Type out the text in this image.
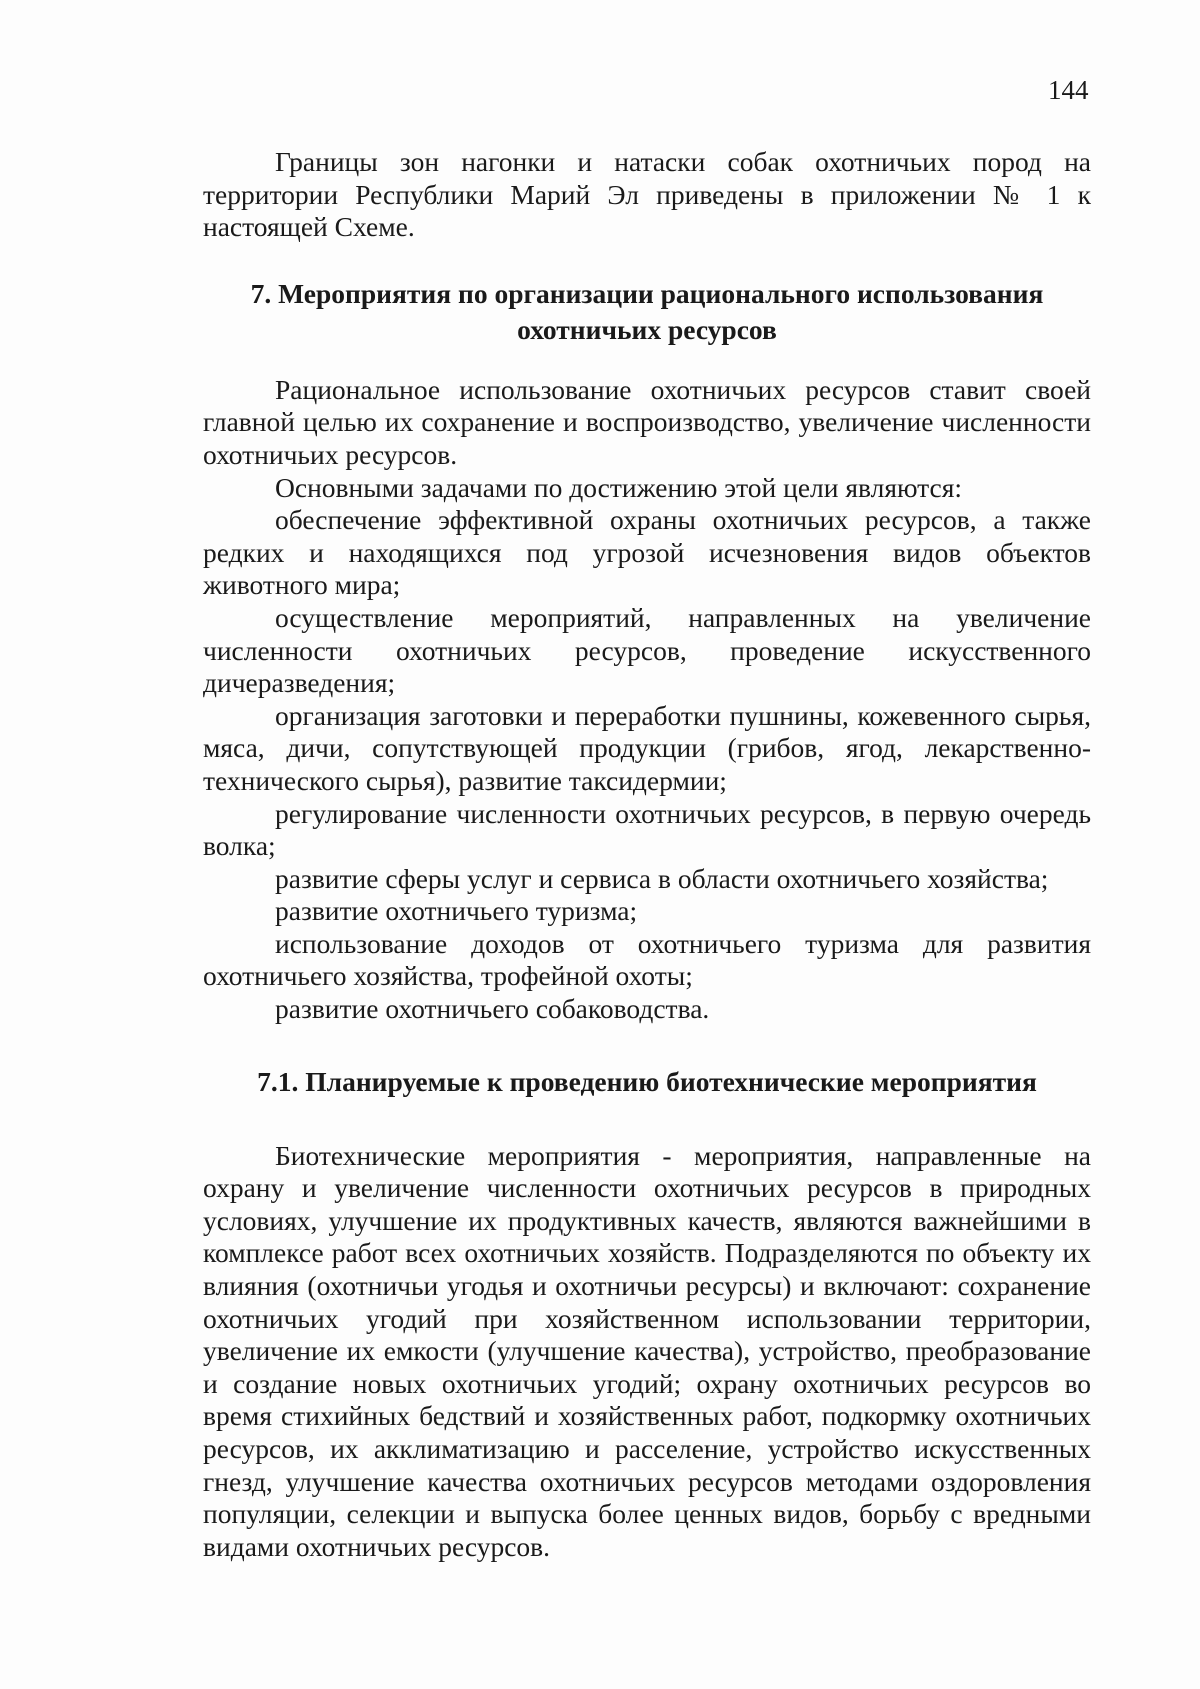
144

Границы зон нагонки и натаски собак охотничьих пород на территории Республики Марий Эл приведены в приложении № 1 к настоящей Схеме.

7. Мероприятия по организации рационального использования охотничьих ресурсов

Рациональное использование охотничьих ресурсов ставит своей главной целью их сохранение и воспроизводство, увеличение численности охотничьих ресурсов.

Основными задачами по достижению этой цели являются:

обеспечение эффективной охраны охотничьих ресурсов, а также редких и находящихся под угрозой исчезновения видов объектов животного мира;
осуществление мероприятий, направленных на увеличение численности охотничьих ресурсов, проведение искусственного дичеразведения;
организация заготовки и переработки пушнины, кожевенного сырья, мяса, дичи, сопутствующей продукции (грибов, ягод, лекарственно-технического сырья), развитие таксидермии;
регулирование численности охотничьих ресурсов, в первую очередь волка;
развитие сферы услуг и сервиса в области охотничьего хозяйства;
развитие охотничьего туризма;
использование доходов от охотничьего туризма для развития охотничьего хозяйства, трофейной охоты;
развитие охотничьего собаководства.
7.1. Планируемые к проведению биотехнические мероприятия

Биотехнические мероприятия - мероприятия, направленные на охрану и увеличение численности охотничьих ресурсов в природных условиях, улучшение их продуктивных качеств, являются важнейшими в комплексе работ всех охотничьих хозяйств. Подразделяются по объекту их влияния (охотничьи угодья и охотничьи ресурсы) и включают: сохранение охотничьих угодий при хозяйственном использовании территории, увеличение их емкости (улучшение качества), устройство, преобразование и создание новых охотничьих угодий; охрану охотничьих ресурсов во время стихийных бедствий и хозяйственных работ, подкормку охотничьих ресурсов, их акклиматизацию и расселение, устройство искусственных гнезд, улучшение качества охотничьих ресурсов методами оздоровления популяции, селекции и выпуска более ценных видов, борьбу с вредными видами охотничьих ресурсов.
